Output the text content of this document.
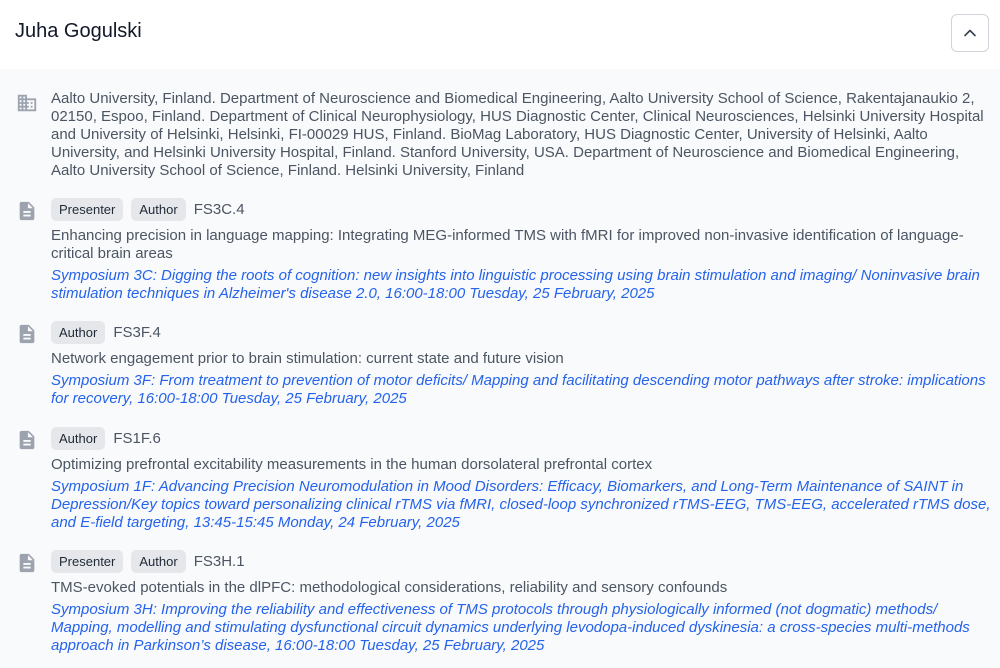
Juha Gogulski
Aalto University, Finland. Department of Neuroscience and Biomedical Engineering, Aalto University School of Science, Rakentajanaukio 2, 02150, Espoo, Finland. Department of Clinical Neurophysiology, HUS Diagnostic Center, Clinical Neurosciences, Helsinki University Hospital and University of Helsinki, Helsinki, FI-00029 HUS, Finland. BioMag Laboratory, HUS Diagnostic Center, University of Helsinki, Aalto University, and Helsinki University Hospital, Finland. Stanford University, USA. Department of Neuroscience and Biomedical Engineering, Aalto University School of Science, Finland. Helsinki University, Finland
Presenter	Author	FS3C.4
Enhancing precision in language mapping: Integrating MEG-informed TMS with fMRI for improved non-invasive identification of language-critical brain areas
Symposium 3C: Digging the roots of cognition: new insights into linguistic processing using brain stimulation and imaging/ Noninvasive brain stimulation techniques in Alzheimer's disease 2.0, 16:00-18:00 Tuesday, 25 February, 2025
Author	FS3F.4
Network engagement prior to brain stimulation: current state and future vision
Symposium 3F: From treatment to prevention of motor deficits/ Mapping and facilitating descending motor pathways after stroke: implications for recovery, 16:00-18:00 Tuesday, 25 February, 2025
Author	FS1F.6
Optimizing prefrontal excitability measurements in the human dorsolateral prefrontal cortex
Symposium 1F: Advancing Precision Neuromodulation in Mood Disorders: Efficacy, Biomarkers, and Long-Term Maintenance of SAINT in Depression/Key topics toward personalizing clinical rTMS via fMRI, closed-loop synchronized rTMS-EEG, TMS-EEG, accelerated rTMS dose, and E-field targeting, 13:45-15:45 Monday, 24 February, 2025
Presenter	Author	FS3H.1
TMS-evoked potentials in the dlPFC: methodological considerations, reliability and sensory confounds
Symposium 3H: Improving the reliability and effectiveness of TMS protocols through physiologically informed (not dogmatic) methods/ Mapping, modelling and stimulating dysfunctional circuit dynamics underlying levodopa-induced dyskinesia: a cross-species multi-methods approach in Parkinson’s disease, 16:00-18:00 Tuesday, 25 February, 2025
